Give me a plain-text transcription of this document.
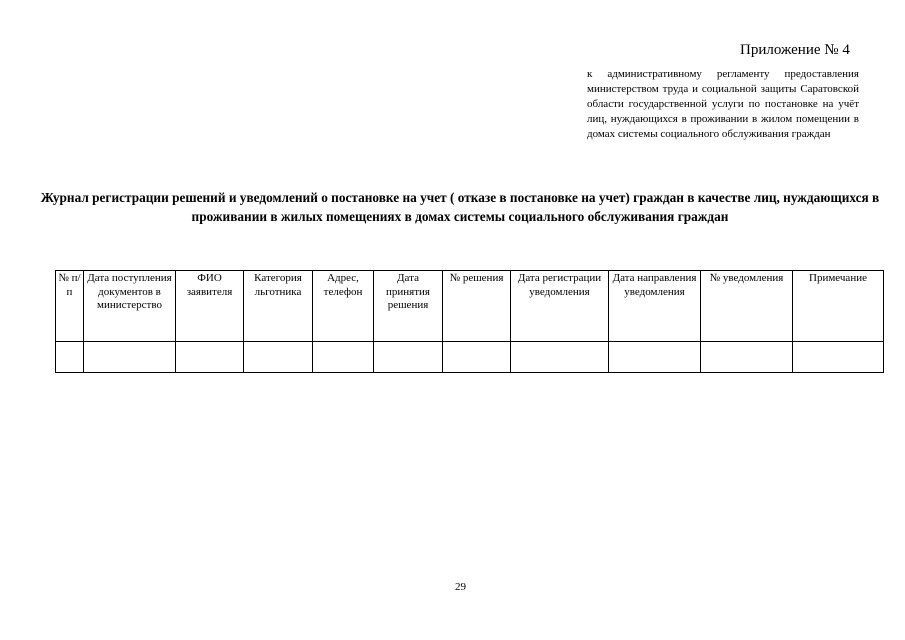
Приложение № 4
к административному регламенту предоставления министерством труда и социальной защиты Саратовской области государственной услуги по постановке на учёт лиц, нуждающихся в проживании в жилом помещении в домах системы социального обслуживания граждан
Журнал регистрации решений и уведомлений о постановке на учет ( отказе в постановке на учет) граждан в качестве лиц, нуждающихся в проживании в жилых помещениях в домах системы социального обслуживания граждан
№ п/п	Дата поступления документов в министерство	ФИО заявителя	Категория льготника	Адрес, телефон	Дата принятия решения	№ решения	Дата регистрации уведомления	Дата направления уведомления	№ уведомления	Примечание

29
